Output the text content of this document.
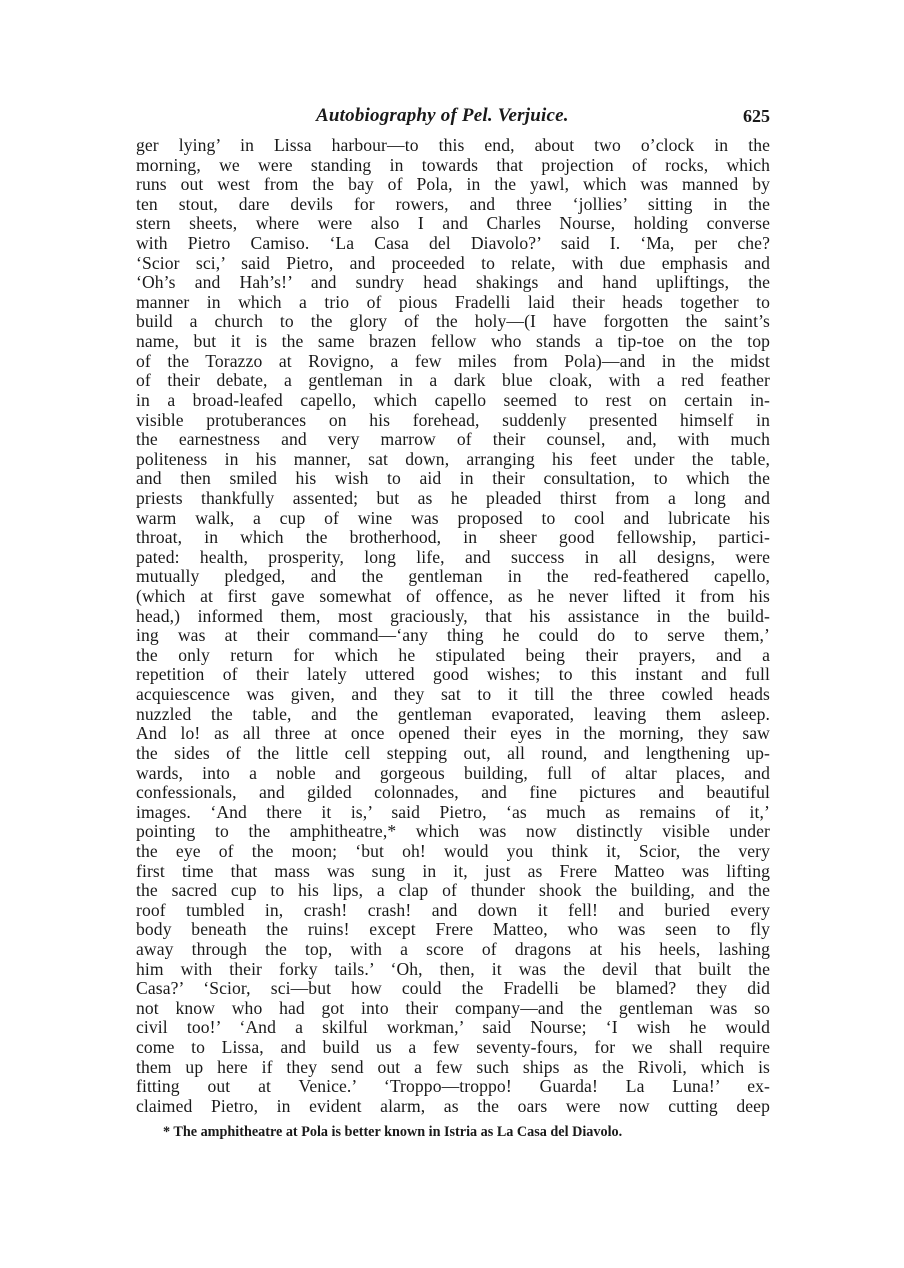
Autobiography of Pel. Verjuice.	625
ger lying’ in Lissa harbour—to this end, about two o’clock in the
morning, we were standing in towards that projection of rocks, which
runs out west from the bay of Pola, in the yawl, which was manned by
ten stout, dare devils for rowers, and three ‘jollies’ sitting in the
stern sheets, where were also I and Charles Nourse, holding converse
with Pietro Camiso. ‘La Casa del Diavolo?’ said I. ‘Ma, per che?
‘Scior sci,’ said Pietro, and proceeded to relate, with due emphasis and
‘Oh’s and Hah’s!’ and sundry head shakings and hand upliftings, the
manner in which a trio of pious Fradelli laid their heads together to
build a church to the glory of the holy—(I have forgotten the saint’s
name, but it is the same brazen fellow who stands a tip-toe on the top
of the Torazzo at Rovigno, a few miles from Pola)—and in the midst
of their debate, a gentleman in a dark blue cloak, with a red feather
in a broad-leafed capello, which capello seemed to rest on certain in-
visible protuberances on his forehead, suddenly presented himself in
the earnestness and very marrow of their counsel, and, with much
politeness in his manner, sat down, arranging his feet under the table,
and then smiled his wish to aid in their consultation, to which the
priests thankfully assented; but as he pleaded thirst from a long and
warm walk, a cup of wine was proposed to cool and lubricate his
throat, in which the brotherhood, in sheer good fellowship, partici-
pated: health, prosperity, long life, and success in all designs, were
mutually pledged, and the gentleman in the red-feathered capello,
(which at first gave somewhat of offence, as he never lifted it from his
head,) informed them, most graciously, that his assistance in the build-
ing was at their command—‘any thing he could do to serve them,’
the only return for which he stipulated being their prayers, and a
repetition of their lately uttered good wishes; to this instant and full
acquiescence was given, and they sat to it till the three cowled heads
nuzzled the table, and the gentleman evaporated, leaving them asleep.
And lo! as all three at once opened their eyes in the morning, they saw
the sides of the little cell stepping out, all round, and lengthening up-
wards, into a noble and gorgeous building, full of altar places, and
confessionals, and gilded colonnades, and fine pictures and beautiful
images. ‘And there it is,’ said Pietro, ‘as much as remains of it,’
pointing to the amphitheatre,* which was now distinctly visible under
the eye of the moon; ‘but oh! would you think it, Scior, the very
first time that mass was sung in it, just as Frere Matteo was lifting
the sacred cup to his lips, a clap of thunder shook the building, and the
roof tumbled in, crash! crash! and down it fell! and buried every
body beneath the ruins! except Frere Matteo, who was seen to fly
away through the top, with a score of dragons at his heels, lashing
him with their forky tails.’ ‘Oh, then, it was the devil that built the
Casa?’ ‘Scior, sci—but how could the Fradelli be blamed? they did
not know who had got into their company—and the gentleman was so
civil too!’ ‘And a skilful workman,’ said Nourse; ‘I wish he would
come to Lissa, and build us a few seventy-fours, for we shall require
them up here if they send out a few such ships as the Rivoli, which is
fitting out at Venice.’ ‘Troppo—troppo! Guarda! La Luna!’ ex-
claimed Pietro, in evident alarm, as the oars were now cutting deep
* The amphitheatre at Pola is better known in Istria as La Casa del Diavolo.
